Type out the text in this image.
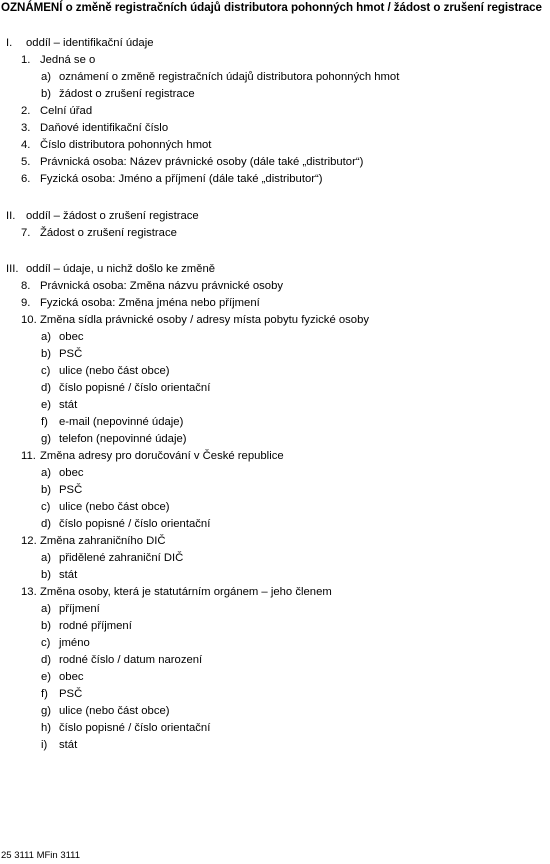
OZNÁMENÍ o změně registračních údajů distributora pohonných hmot / žádost o zrušení registrace
I. oddíl – identifikační údaje
1. Jedná se o
a) oznámení o změně registračních údajů distributora pohonných hmot
b) žádost o zrušení registrace
2. Celní úřad
3. Daňové identifikační číslo
4. Číslo distributora pohonných hmot
5. Právnická osoba: Název právnické osoby (dále také „distributor“)
6. Fyzická osoba: Jméno a příjmení (dále také „distributor“)
II. oddíl – žádost o zrušení registrace
7. Žádost o zrušení registrace
III. oddíl – údaje, u nichž došlo ke změně
8. Právnická osoba: Změna názvu právnické osoby
9. Fyzická osoba: Změna jména nebo příjmení
10. Změna sídla právnické osoby / adresy místa pobytu fyzické osoby
a) obec
b) PSČ
c) ulice (nebo část obce)
d) číslo popisné / číslo orientační
e) stát
f) e-mail (nepovinné údaje)
g) telefon (nepovinné údaje)
11. Změna adresy pro doručování v České republice
a) obec
b) PSČ
c) ulice (nebo část obce)
d) číslo popisné / číslo orientační
12. Změna zahraničního DIČ
a) přidělené zahraniční DIČ
b) stát
13. Změna osoby, která je statutárním orgánem – jeho členem
a) příjmení
b) rodné příjmení
c) jméno
d) rodné číslo / datum narození
e) obec
f) PSČ
g) ulice (nebo část obce)
h) číslo popisné / číslo orientační
i) stát
25 3111 MFin 3111
